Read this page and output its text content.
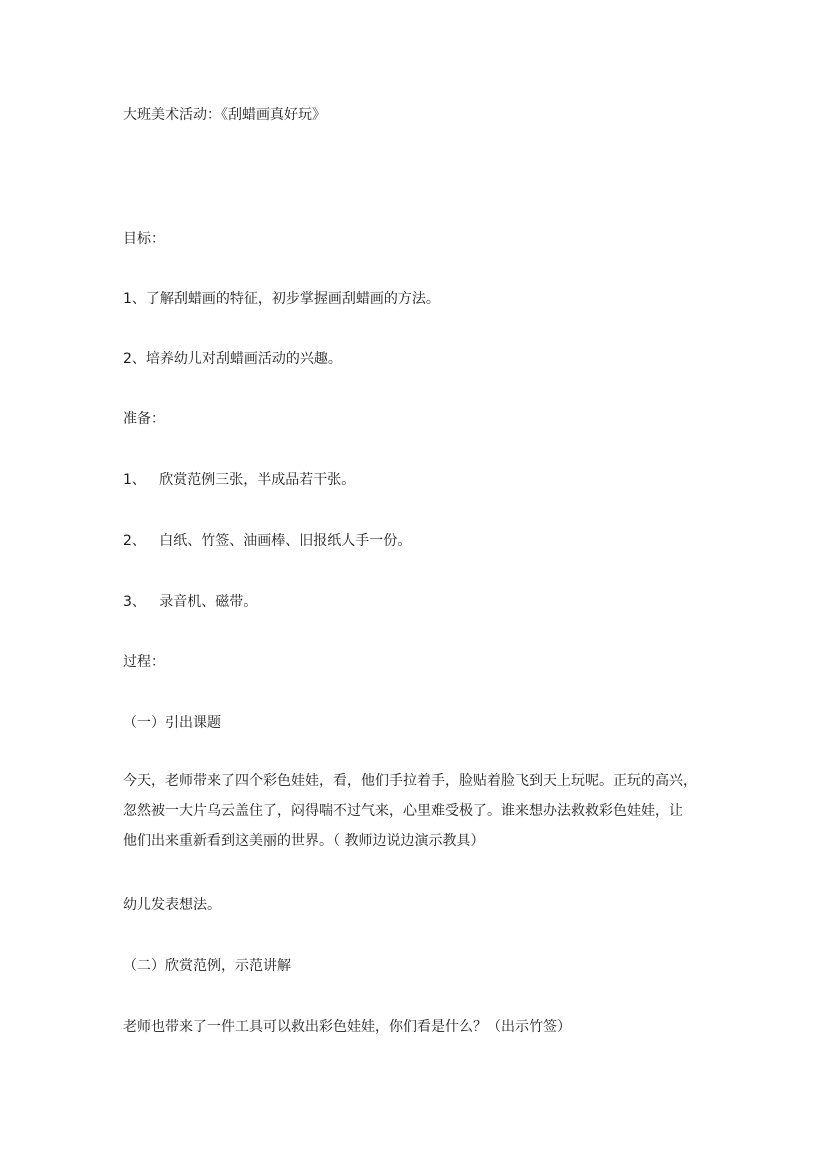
大班美术活动：《刮蜡画真好玩》
目标：
1、了解刮蜡画的特征，初步掌握画刮蜡画的方法。
2、培养幼儿对刮蜡画活动的兴趣。
准备：
1、   欣赏范例三张，半成品若干张。
2、   白纸、竹签、油画棒、旧报纸人手一份。
3、   录音机、磁带。
过程：
（一）引出课题
今天，老师带来了四个彩色娃娃，看，他们手拉着手，脸贴着脸飞到天上玩呢。正玩的高兴，
忽然被一大片乌云盖住了，闷得喘不过气来，心里难受极了。谁来想办法救救彩色娃娃，让
他们出来重新看到这美丽的世界。（ 教师边说边演示教具）
幼儿发表想法。
（二）欣赏范例，示范讲解
老师也带来了一件工具可以救出彩色娃娃，你们看是什么？（出示竹签）
